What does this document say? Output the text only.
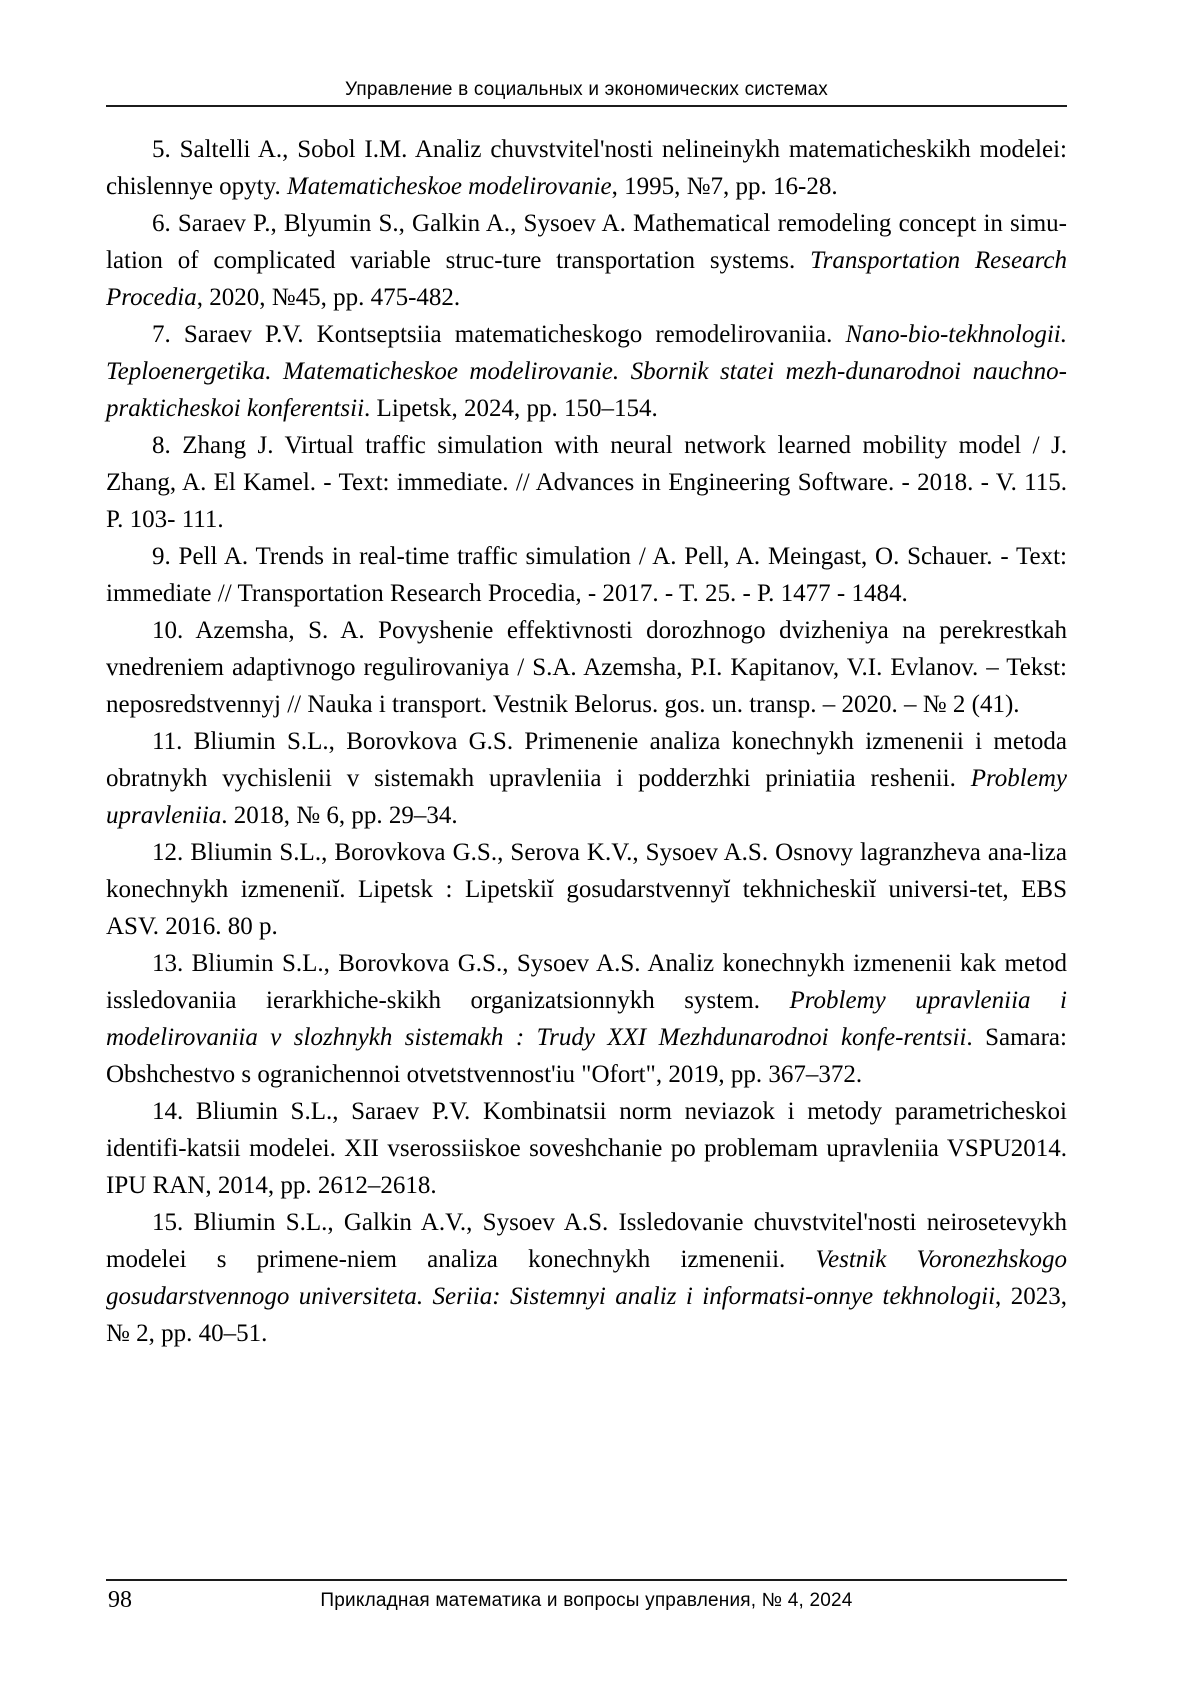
Управление в социальных и экономических системах

5. Saltelli A., Sobol I.M. Analiz chuvstvitel'nosti nelineinykh matematicheskikh modelei: chislennye opyty. Matematicheskoe modelirovanie, 1995, №7, pp. 16-28.

6. Saraev P., Blyumin S., Galkin A., Sysoev A. Mathematical remodeling concept in simu-lation of complicated variable struc-ture transportation systems. Transportation Research Procedia, 2020, №45, pp. 475-482.

7. Saraev P.V. Kontseptsiia matematicheskogo remodelirovaniia. Nano-bio-tekhnologii. Teploenergetika. Matematicheskoe modelirovanie. Sbornik statei mezh-dunarodnoi nauchno-prakticheskoi konferentsii. Lipetsk, 2024, pp. 150–154.

8. Zhang J. Virtual traffic simulation with neural network learned mobility model / J. Zhang, A. El Kamel. - Text: immediate. // Advances in Engineering Software. - 2018. - V. 115. P. 103- 111.

9. Pell A. Trends in real-time traffic simulation / A. Pell, A. Meingast, O. Schauer. - Text: immediate // Transportation Research Procedia, - 2017. - T. 25. - P. 1477 - 1484.

10. Azemsha, S. A. Povyshenie effektivnosti dorozhnogo dvizheniya na perekrestkah vnedreniem adaptivnogo regulirovaniya / S.A. Azemsha, P.I. Kapitanov, V.I. Evlanov. – Tekst: neposredstvennyj // Nauka i transport. Vestnik Belorus. gos. un. transp. – 2020. – № 2 (41).

11. Bliumin S.L., Borovkova G.S. Primenenie analiza konechnykh izmenenii i metoda obratnykh vychislenii v sistemakh upravleniia i podderzhki priniatiia reshenii. Problemy upravleniia. 2018, № 6, pp. 29–34.

12. Bliumin S.L., Borovkova G.S., Serova K.V., Sysoev A.S. Osnovy lagranzheva ana-liza konechnykh izmeneniĭ. Lipetsk : Lipetskiĭ gosudarstvennyĭ tekhnicheskiĭ universi-tet, EBS ASV. 2016. 80 p.

13. Bliumin S.L., Borovkova G.S., Sysoev A.S. Analiz konechnykh izmenenii kak metod issledovaniia ierarkhiche-skikh organizatsionnykh system. Problemy upravleniia i modelirovaniia v slozhnykh sistemakh : Trudy XXI Mezhdunarodnoi konfe-rentsii. Samara: Obshchestvo s ogranichennoi otvetstvennost'iu "Ofort", 2019, pp. 367–372.

14. Bliumin S.L., Saraev P.V. Kombinatsii norm neviazok i metody parametricheskoi identifi-katsii modelei. XII vserossiiskoe soveshchanie po problemam upravleniia VSPU2014. IPU RAN, 2014, pp. 2612–2618.

15. Bliumin S.L., Galkin A.V., Sysoev A.S. Issledovanie chuvstvitel'nosti neirosetevykh modelei s primene-niem analiza konechnykh izmenenii. Vestnik Voronezhskogo gosudarstvennogo universiteta. Seriia: Sistemnyi analiz i informatsi-onnye tekhnologii, 2023, № 2, pp. 40–51.

98	Прикладная математика и вопросы управления, № 4, 2024
